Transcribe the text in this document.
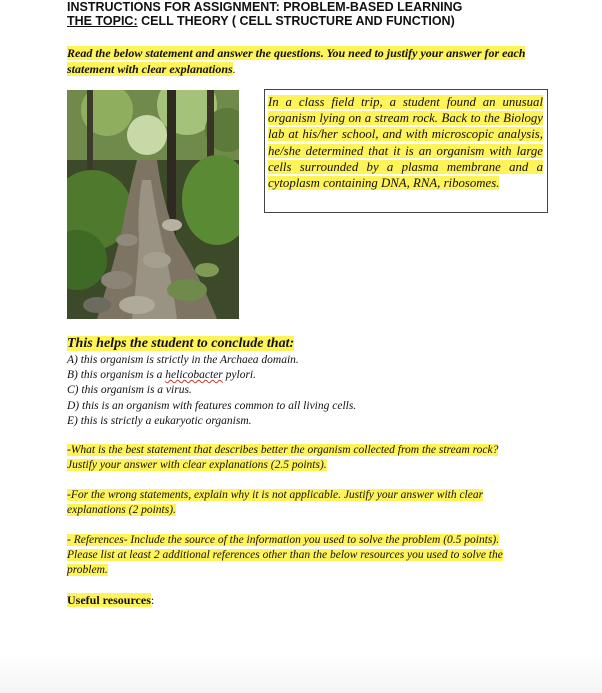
INSTRUCTIONS FOR ASSIGNMENT: PROBLEM-BASED LEARNING
THE TOPIC: CELL THEORY ( CELL STRUCTURE AND FUNCTION)
Read the below statement and answer the questions. You need to justify your answer for each
statement with clear explanations.

In a class field trip, a student found an unusual organism lying on a stream rock. Back to the Biology lab at his/her school, and with microscopic analysis, he/she determined that it is an organism with large cells surrounded by a plasma membrane and a cytoplasm containing DNA, RNA, ribosomes.

This helps the student to conclude that:
A) this organism is strictly in the Archaea domain.
B) this organism is a helicobacter pylori.
C) this organism is a virus.
D) this is an organism with features common to all living cells.
E) this is strictly a eukaryotic organism.

-What is the best statement that describes better the organism collected from the stream rock?
Justify your answer with clear explanations (2.5 points).

-For the wrong statements, explain why it is not applicable. Justify your answer with clear
explanations (2 points).

- References- Include the source of the information you used to solve the problem (0.5 points).
Please list at least 2 additional references other than the below resources you used to solve the
problem.

Useful resources:
